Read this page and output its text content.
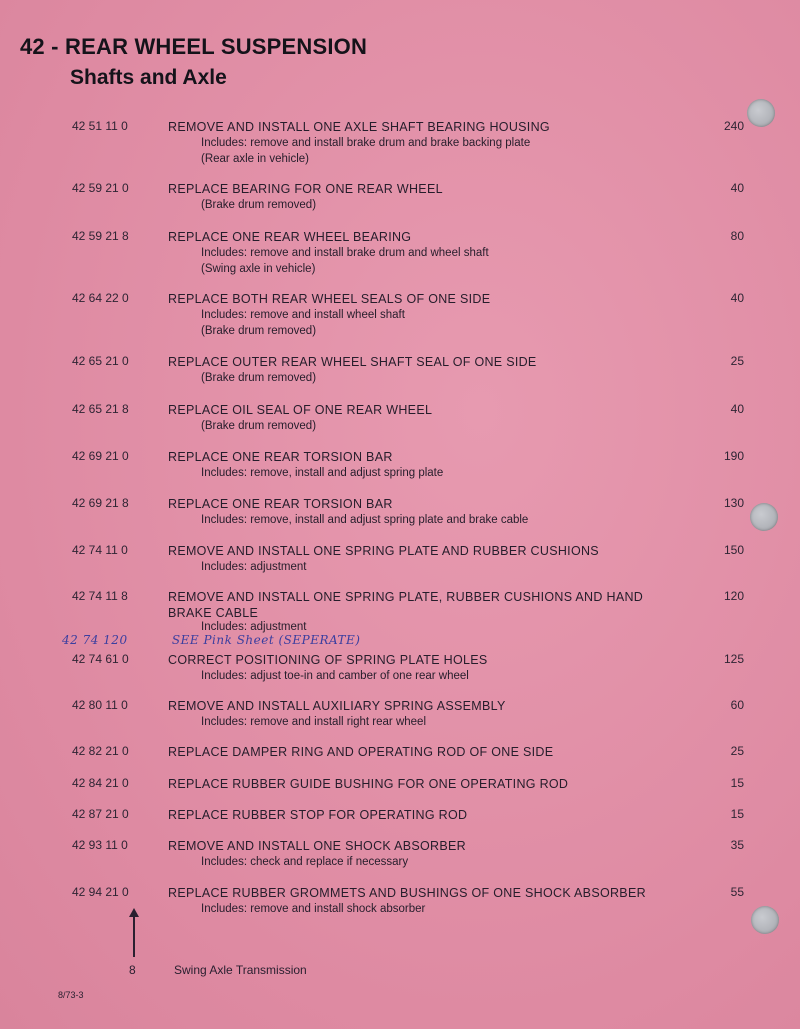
42 - REAR WHEEL SUSPENSION
Shafts and Axle
42 51 11 0	REMOVE AND INSTALL ONE AXLE SHAFT BEARING HOUSING
Includes: remove and install brake drum and brake backing plate
(Rear axle in vehicle)
240
42 59 21 0	REPLACE BEARING FOR ONE REAR WHEEL
(Brake drum removed)
40
42 59 21 8	REPLACE ONE REAR WHEEL BEARING
Includes: remove and install brake drum and wheel shaft
(Swing axle in vehicle)
80
42 64 22 0	REPLACE BOTH REAR WHEEL SEALS OF ONE SIDE
Includes: remove and install wheel shaft
(Brake drum removed)
40
42 65 21 0	REPLACE OUTER REAR WHEEL SHAFT SEAL OF ONE SIDE
(Brake drum removed)
25
42 65 21 8	REPLACE OIL SEAL OF ONE REAR WHEEL
(Brake drum removed)
40
42 69 21 0	REPLACE ONE REAR TORSION BAR
Includes: remove, install and adjust spring plate
190
42 69 21 8	REPLACE ONE REAR TORSION BAR
Includes: remove, install and adjust spring plate and brake cable
130
42 74 11 0	REMOVE AND INSTALL ONE SPRING PLATE AND RUBBER CUSHIONS
Includes: adjustment
150
42 74 11 8	REMOVE AND INSTALL ONE SPRING PLATE, RUBBER CUSHIONS AND HAND
BRAKE CABLE
Includes: adjustment
120
42 74 120	SEE Pink Sheet (SEPERATE)
42 74 61 0	CORRECT POSITIONING OF SPRING PLATE HOLES
Includes: adjust toe-in and camber of one rear wheel
125
42 80 11 0	REMOVE AND INSTALL AUXILIARY SPRING ASSEMBLY
Includes: remove and install right rear wheel
60
42 82 21 0	REPLACE DAMPER RING AND OPERATING ROD OF ONE SIDE	25
42 84 21 0	REPLACE RUBBER GUIDE BUSHING FOR ONE OPERATING ROD	15
42 87 21 0	REPLACE RUBBER STOP FOR OPERATING ROD	15
42 93 11 0	REMOVE AND INSTALL ONE SHOCK ABSORBER
Includes: check and replace if necessary
35
42 94 21 0	REPLACE RUBBER GROMMETS AND BUSHINGS OF ONE SHOCK ABSORBER
Includes: remove and install shock absorber
55
8	Swing Axle Transmission
8/73-3
